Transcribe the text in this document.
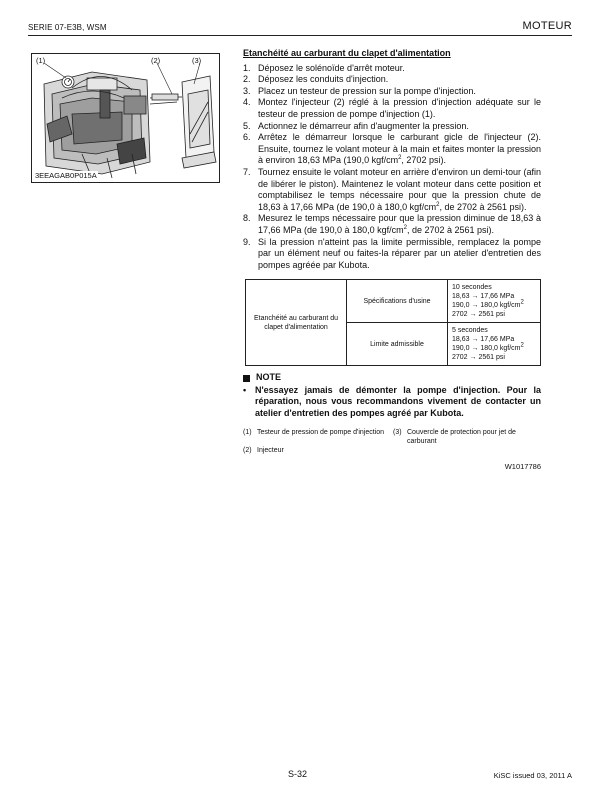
SERIE 07-E3B, WSM	MOTEUR
(1)	(2)	(3)
3EEAGAB0P015A
Etanchéité au carburant du clapet d'alimentation
1. Déposez le solénoïde d'arrêt moteur.
2. Déposez les conduits d'injection.
3. Placez un testeur de pression sur la pompe d'injection.
4. Montez l'injecteur (2) réglé à la pression d'injection adéquate sur le testeur de pression de pompe d'injection (1).
5. Actionnez le démarreur afin d'augmenter la pression.
6. Arrêtez le démarreur lorsque le carburant gicle de l'injecteur (2). Ensuite, tournez le volant moteur à la main et faites monter la pression à environ 18,63 MPa (190,0 kgf/$cm^2$, 2702 psi).
7. Tournez ensuite le volant moteur en arrière d'environ un demi-tour (afin de libérer le piston). Maintenez le volant moteur dans cette position et comptabilisez le temps nécessaire pour que la pression chute de 18,63 à 17,66 MPa (de 190,0 à 180,0 kgf/$cm^2$, de 2702 à 2561 psi).
8. Mesurez le temps nécessaire pour que la pression diminue de 18,63 à 17,66 MPa (de 190,0 à 180,0 kgf/$cm^2$, de 2702 à 2561 psi).
9. Si la pression n'atteint pas la limite permissible, remplacez la pompe par un élément neuf ou faites-la réparer par un atelier d'entretien des pompes agréée par Kubota.
Etanchéité au carburant du clapet d'alimentation	Spécifications d'usine	10 secondes
18,63 → 17,66 MPa
190,0 → 180,0 kgf/$cm^2$
2702 → 2561 psi

	Limite admissible	5 secondes
18,63 → 17,66 MPa
190,0 → 180,0 kgf/$cm^2$
2702 → 2561 psi
NOTE
• N'essayez jamais de démonter la pompe d'injection. Pour la réparation, nous vous recommandons vivement de contacter un atelier d'entretien des pompes agréé par Kubota.
(1) Testeur de pression de pompe d'injection (3) Couvercle de protection pour jet de carburant
(2) Injecteur
W1017786
S-32	KiSC issued 03, 2011 A
